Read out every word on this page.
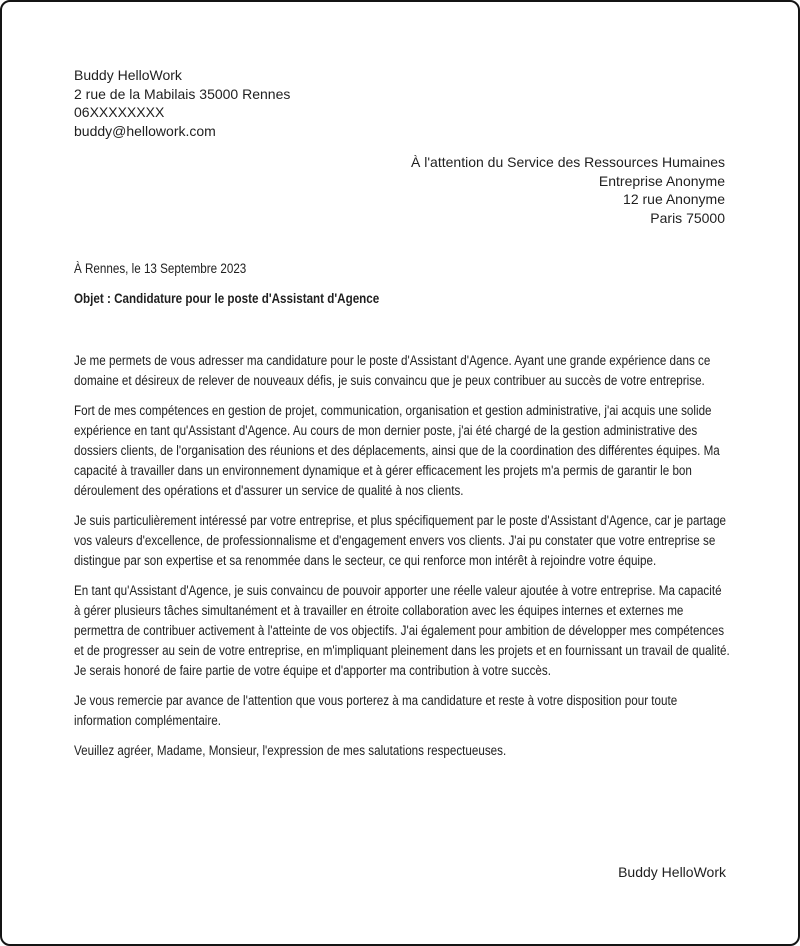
Buddy HelloWork
2 rue de la Mabilais 35000 Rennes
06XXXXXXXX
buddy@hellowork.com
À l'attention du Service des Ressources Humaines
Entreprise Anonyme
12 rue Anonyme
Paris 75000
À Rennes, le 13 Septembre 2023
Objet : Candidature pour le poste d'Assistant d'Agence

Je me permets de vous adresser ma candidature pour le poste d'Assistant d'Agence. Ayant une grande expérience dans ce domaine et désireux de relever de nouveaux défis, je suis convaincu que je peux contribuer au succès de votre entreprise.

Fort de mes compétences en gestion de projet, communication, organisation et gestion administrative, j'ai acquis une solide expérience en tant qu'Assistant d'Agence. Au cours de mon dernier poste, j'ai été chargé de la gestion administrative des dossiers clients, de l'organisation des réunions et des déplacements, ainsi que de la coordination des différentes équipes. Ma capacité à travailler dans un environnement dynamique et à gérer efficacement les projets m'a permis de garantir le bon déroulement des opérations et d'assurer un service de qualité à nos clients.

Je suis particulièrement intéressé par votre entreprise, et plus spécifiquement par le poste d'Assistant d'Agence, car je partage vos valeurs d'excellence, de professionnalisme et d'engagement envers vos clients. J'ai pu constater que votre entreprise se distingue par son expertise et sa renommée dans le secteur, ce qui renforce mon intérêt à rejoindre votre équipe.

En tant qu'Assistant d'Agence, je suis convaincu de pouvoir apporter une réelle valeur ajoutée à votre entreprise. Ma capacité à gérer plusieurs tâches simultanément et à travailler en étroite collaboration avec les équipes internes et externes me permettra de contribuer activement à l'atteinte de vos objectifs. J'ai également pour ambition de développer mes compétences et de progresser au sein de votre entreprise, en m'impliquant pleinement dans les projets et en fournissant un travail de qualité. Je serais honoré de faire partie de votre équipe et d'apporter ma contribution à votre succès.

Je vous remercie par avance de l'attention que vous porterez à ma candidature et reste à votre disposition pour toute information complémentaire.

Veuillez agréer, Madame, Monsieur, l'expression de mes salutations respectueuses.

Buddy HelloWork
